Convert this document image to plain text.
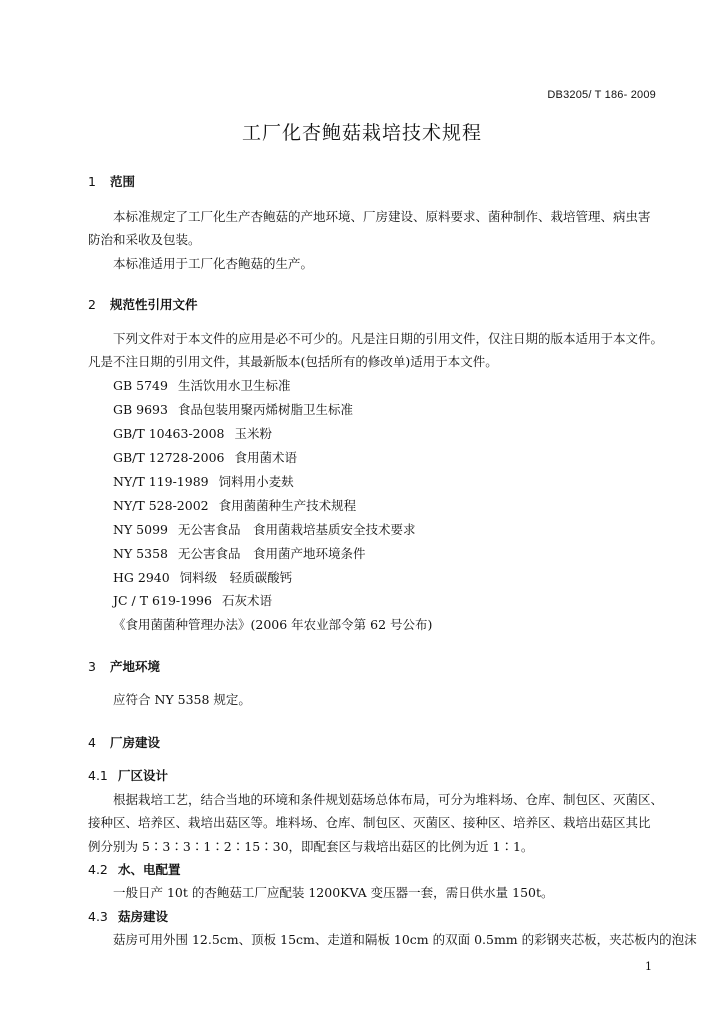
DB3205/ T 186- 2009
工厂化杏鲍菇栽培技术规程
1 范围
本标准规定了工厂化生产杏鲍菇的产地环境、厂房建设、原料要求、菌种制作、栽培管理、病虫害
防治和采收及包装。
本标准适用于工厂化杏鲍菇的生产。
2 规范性引用文件
下列文件对于本文件的应用是必不可少的。凡是注日期的引用文件，仅注日期的版本适用于本文件。
凡是不注日期的引用文件，其最新版本(包括所有的修改单)适用于本文件。
GB 5749 生活饮用水卫生标准
GB 9693 食品包装用聚丙烯树脂卫生标准
GB/T 10463-2008 玉米粉
GB/T 12728-2006 食用菌术语
NY/T 119-1989 饲料用小麦麸
NY/T 528-2002 食用菌菌种生产技术规程
NY 5099 无公害食品　食用菌栽培基质安全技术要求
NY 5358 无公害食品　食用菌产地环境条件
HG 2940 饲料级　轻质碳酸钙
JC / T 619-1996 石灰术语
《食用菌菌种管理办法》(2006 年农业部令第 62 号公布)
3 产地环境
应符合 NY 5358 规定。
4 厂房建设
4.1 厂区设计
根据栽培工艺，结合当地的环境和条件规划菇场总体布局，可分为堆料场、仓库、制包区、灭菌区、
接种区、培养区、栽培出菇区等。堆料场、仓库、制包区、灭菌区、接种区、培养区、栽培出菇区其比
例分别为 5∶3∶3∶1∶2∶15∶30，即配套区与栽培出菇区的比例为近 1∶1。
4.2 水、电配置
一般日产 10t 的杏鲍菇工厂应配装 1200KVA 变压器一套，需日供水量 150t。
4.3 菇房建设
菇房可用外围 12.5cm、顶板 15cm、走道和隔板 10cm 的双面 0.5mm 的彩钢夹芯板，夹芯板内的泡沫
1
